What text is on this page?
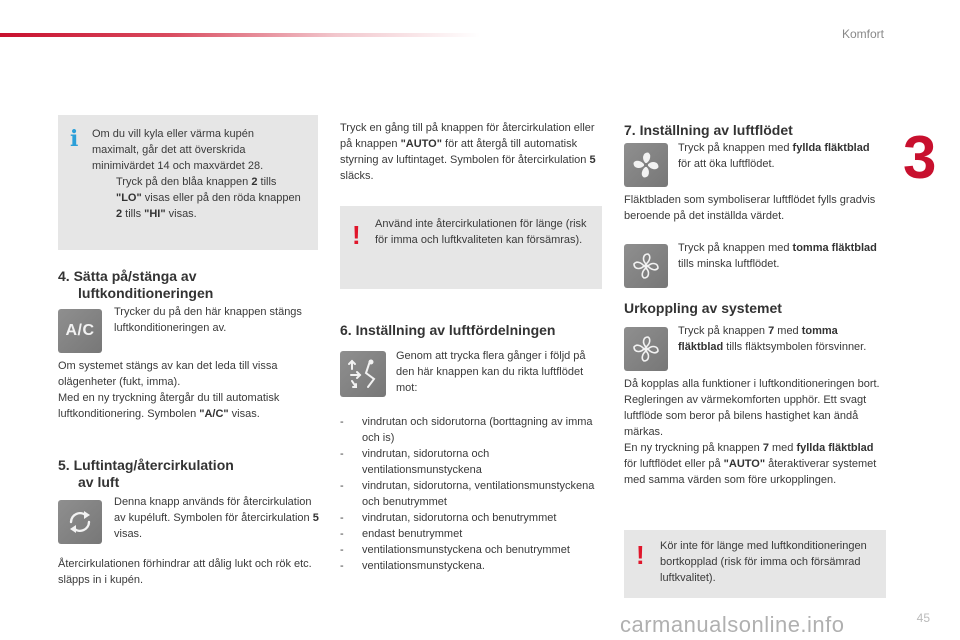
Komfort
3
i Om du vill kyla eller värma kupén maximalt, går det att överskrida minimivärdet 14 och maxvärdet 28.

Tryck på den blåa knappen 2 tills "LO" visas eller på den röda knappen 2 tills "HI" visas.
4. Sätta på/stänga av
luftkonditioneringen
A/C

Trycker du på den här knappen stängs luftkonditioneringen av.

Om systemet stängs av kan det leda till vissa olägenheter (fukt, imma).
Med en ny tryckning återgår du till automatisk luftkonditionering. Symbolen "A/C" visas.

5. Luftintag/återcirkulation
av luft

Denna knapp används för återcirkulation av kupéluft. Symbolen för återcirkulation 5 visas.

Återcirkulationen förhindrar att dålig lukt och rök etc. släpps in i kupén.

Tryck en gång till på knappen för återcirkulation eller på knappen "AUTO" för att återgå till automatisk styrning av luftintaget. Symbolen för återcirkulation 5 släcks.

! Använd inte återcirkulationen för länge (risk för imma och luftkvaliteten kan försämras).

6. Inställning av luftfördelningen

Genom att trycka flera gånger i följd på den här knappen kan du rikta luftflödet mot:

- vindrutan och sidorutorna (borttagning av imma och is)
- vindrutan, sidorutorna och ventilationsmunstyckena
- vindrutan, sidorutorna, ventilationsmunstyckena och benutrymmet
- vindrutan, sidorutorna och benutrymmet
- endast benutrymmet
- ventilationsmunstyckena och benutrymmet
- ventilationsmunstyckena.
7. Inställning av luftflödet

Tryck på knappen med fyllda fläktblad för att öka luftflödet.

Fläktbladen som symboliserar luftflödet fylls gradvis beroende på det inställda värdet.

Tryck på knappen med tomma fläktblad tills minska luftflödet.

Urkoppling av systemet

Tryck på knappen 7 med tomma fläktblad tills fläktsymbolen försvinner.

Då kopplas alla funktioner i luftkonditioneringen bort.
Regleringen av värmekomforten upphör. Ett svagt luftflöde som beror på bilens hastighet kan ändå märkas.
En ny tryckning på knappen 7 med fyllda fläktblad för luftflödet eller på "AUTO" återaktiverar systemet med samma värden som före urkopplingen.

! Kör inte för länge med luftkonditioneringen bortkopplad (risk för imma och försämrad luftkvalitet).

45
carmanualsonline.info
